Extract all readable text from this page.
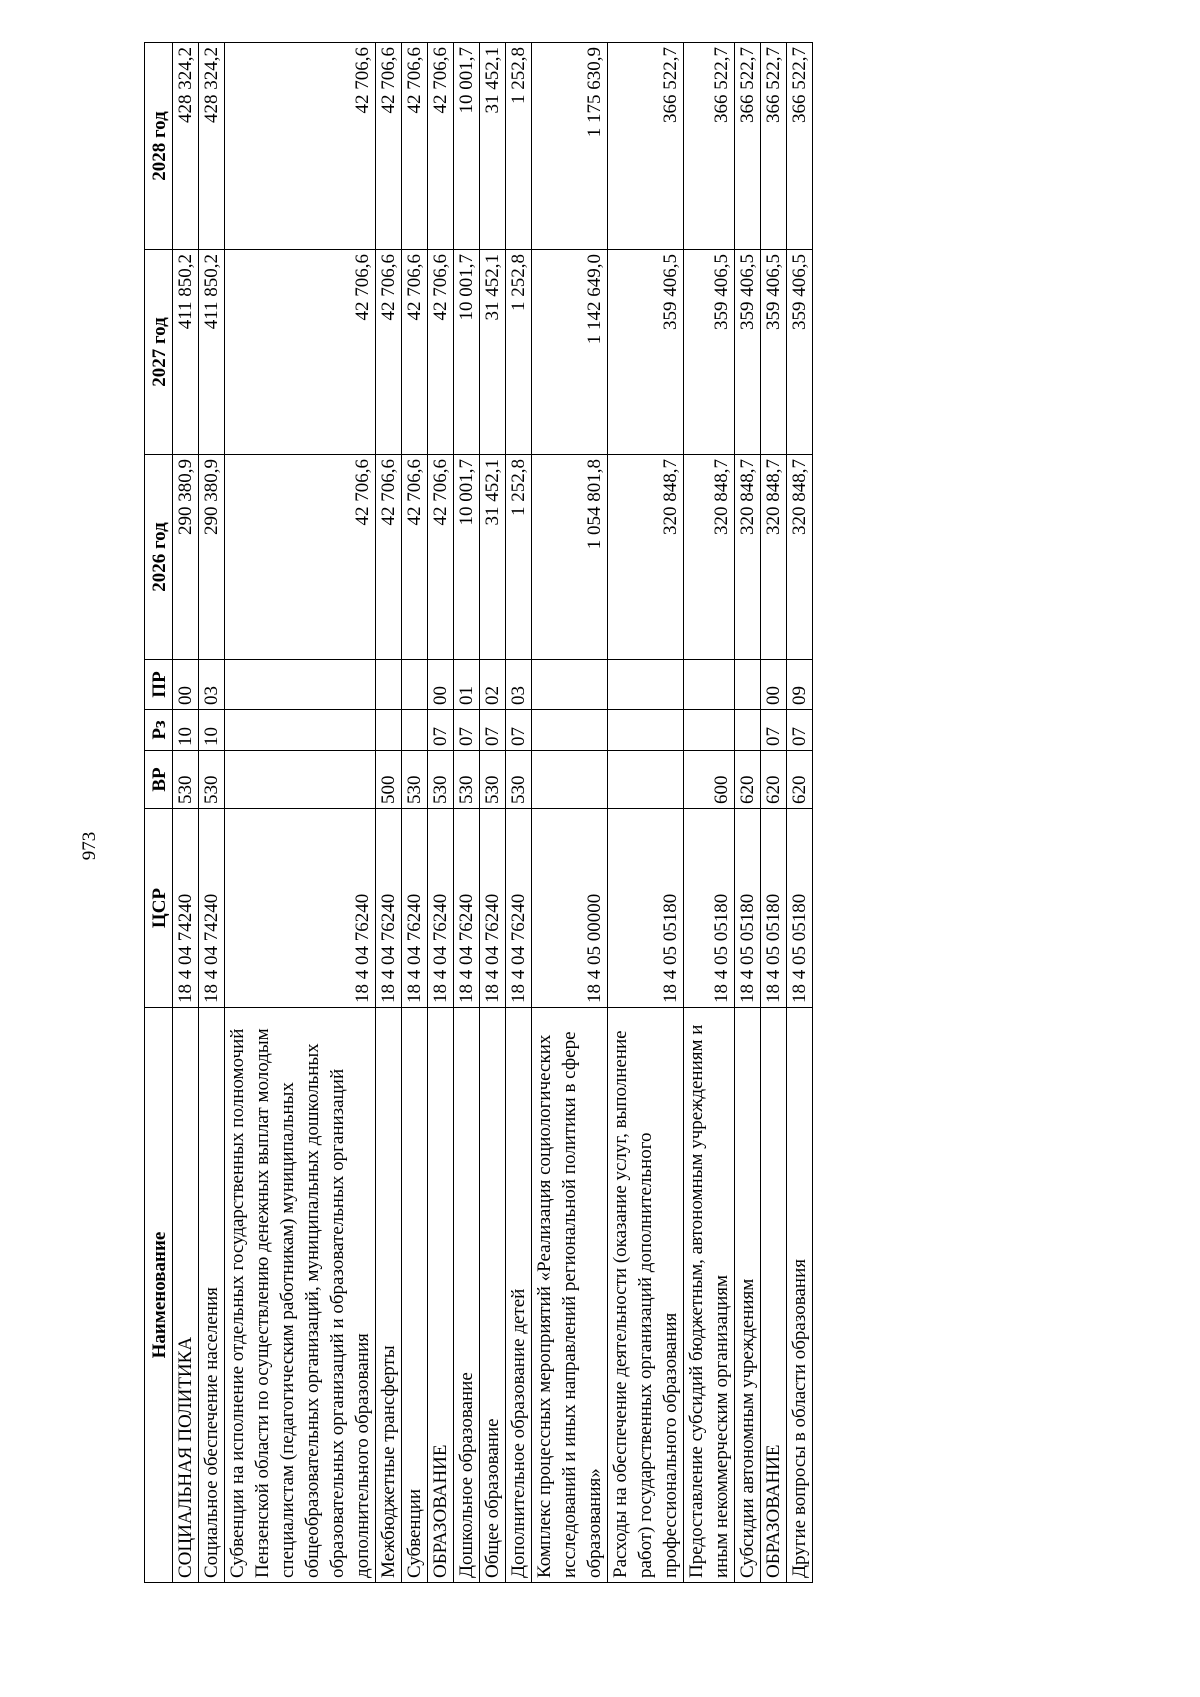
973
Наименование	ЦСР	ВР	Рз	ПР	2026 год	2027 год	2028 год
СОЦИАЛЬНАЯ ПОЛИТИКА	18 4 04 74240	530	10	00	290 380,9	411 850,2	428 324,2
Социальное обеспечение населения	18 4 04 74240	530	10	03	290 380,9	411 850,2	428 324,2
Субвенции на исполнение отдельных государственных полномочий Пензенской области по осуществлению денежных выплат молодым специалистам (педагогическим работникам) муниципальных общеобразовательных организаций, муниципальных дошкольных образовательных организаций и образовательных организаций дополнительного образования	18 4 04 76240				42 706,6	42 706,6	42 706,6
Межбюджетные трансферты	18 4 04 76240	500			42 706,6	42 706,6	42 706,6
Субвенции	18 4 04 76240	530			42 706,6	42 706,6	42 706,6
ОБРАЗОВАНИЕ	18 4 04 76240	530	07	00	42 706,6	42 706,6	42 706,6
Дошкольное образование	18 4 04 76240	530	07	01	10 001,7	10 001,7	10 001,7
Общее образование	18 4 04 76240	530	07	02	31 452,1	31 452,1	31 452,1
Дополнительное образование детей	18 4 04 76240	530	07	03	1 252,8	1 252,8	1 252,8
Комплекс процессных мероприятий «Реализация социологических исследований и иных направлений региональной политики в сфере образования»	18 4 05 00000				1 054 801,8	1 142 649,0	1 175 630,9
Расходы на обеспечение деятельности (оказание услуг, выполнение работ) государственных организаций дополнительного профессионального образования	18 4 05 05180				320 848,7	359 406,5	366 522,7
Предоставление субсидий бюджетным, автономным учреждениям и иным некоммерческим организациям	18 4 05 05180	600			320 848,7	359 406,5	366 522,7
Субсидии автономным учреждениям	18 4 05 05180	620			320 848,7	359 406,5	366 522,7
ОБРАЗОВАНИЕ	18 4 05 05180	620	07	00	320 848,7	359 406,5	366 522,7
Другие вопросы в области образования	18 4 05 05180	620	07	09	320 848,7	359 406,5	366 522,7
